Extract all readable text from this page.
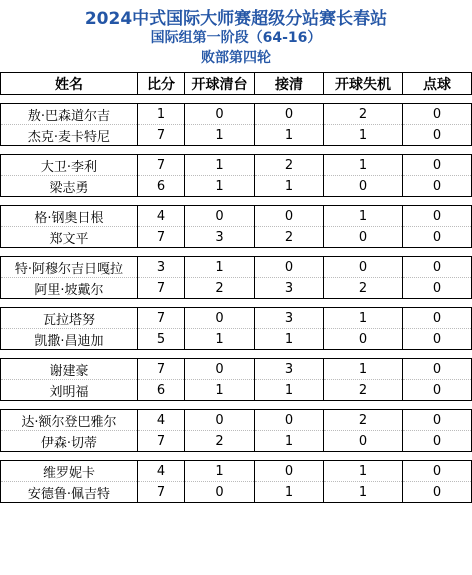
2024中式国际大师赛超级分站赛长春站
国际组第一阶段（64-16）
败部第四轮
姓名	比分	开球清台	接清	开球失机	点球

敖·巴森道尔吉	1	0	0	2	0
杰克·麦卡特尼	7	1	1	1	0

大卫·李利	7	1	2	1	0
梁志勇	6	1	1	0	0

格·钢奥日根	4	0	0	1	0
郑文平	7	3	2	0	0

特·阿穆尔吉日嘎拉	3	1	0	0	0
阿里·坡戴尔	7	2	3	2	0

瓦拉塔努	7	0	3	1	0
凯撒·昌迪加	5	1	1	0	0

谢建豪	7	0	3	1	0
刘明福	6	1	1	2	0

达·额尔登巴雅尔	4	0	0	2	0
伊森·切蒂	7	2	1	0	0

维罗妮卡	4	1	0	1	0
安德鲁·佩吉特	7	0	1	1	0
